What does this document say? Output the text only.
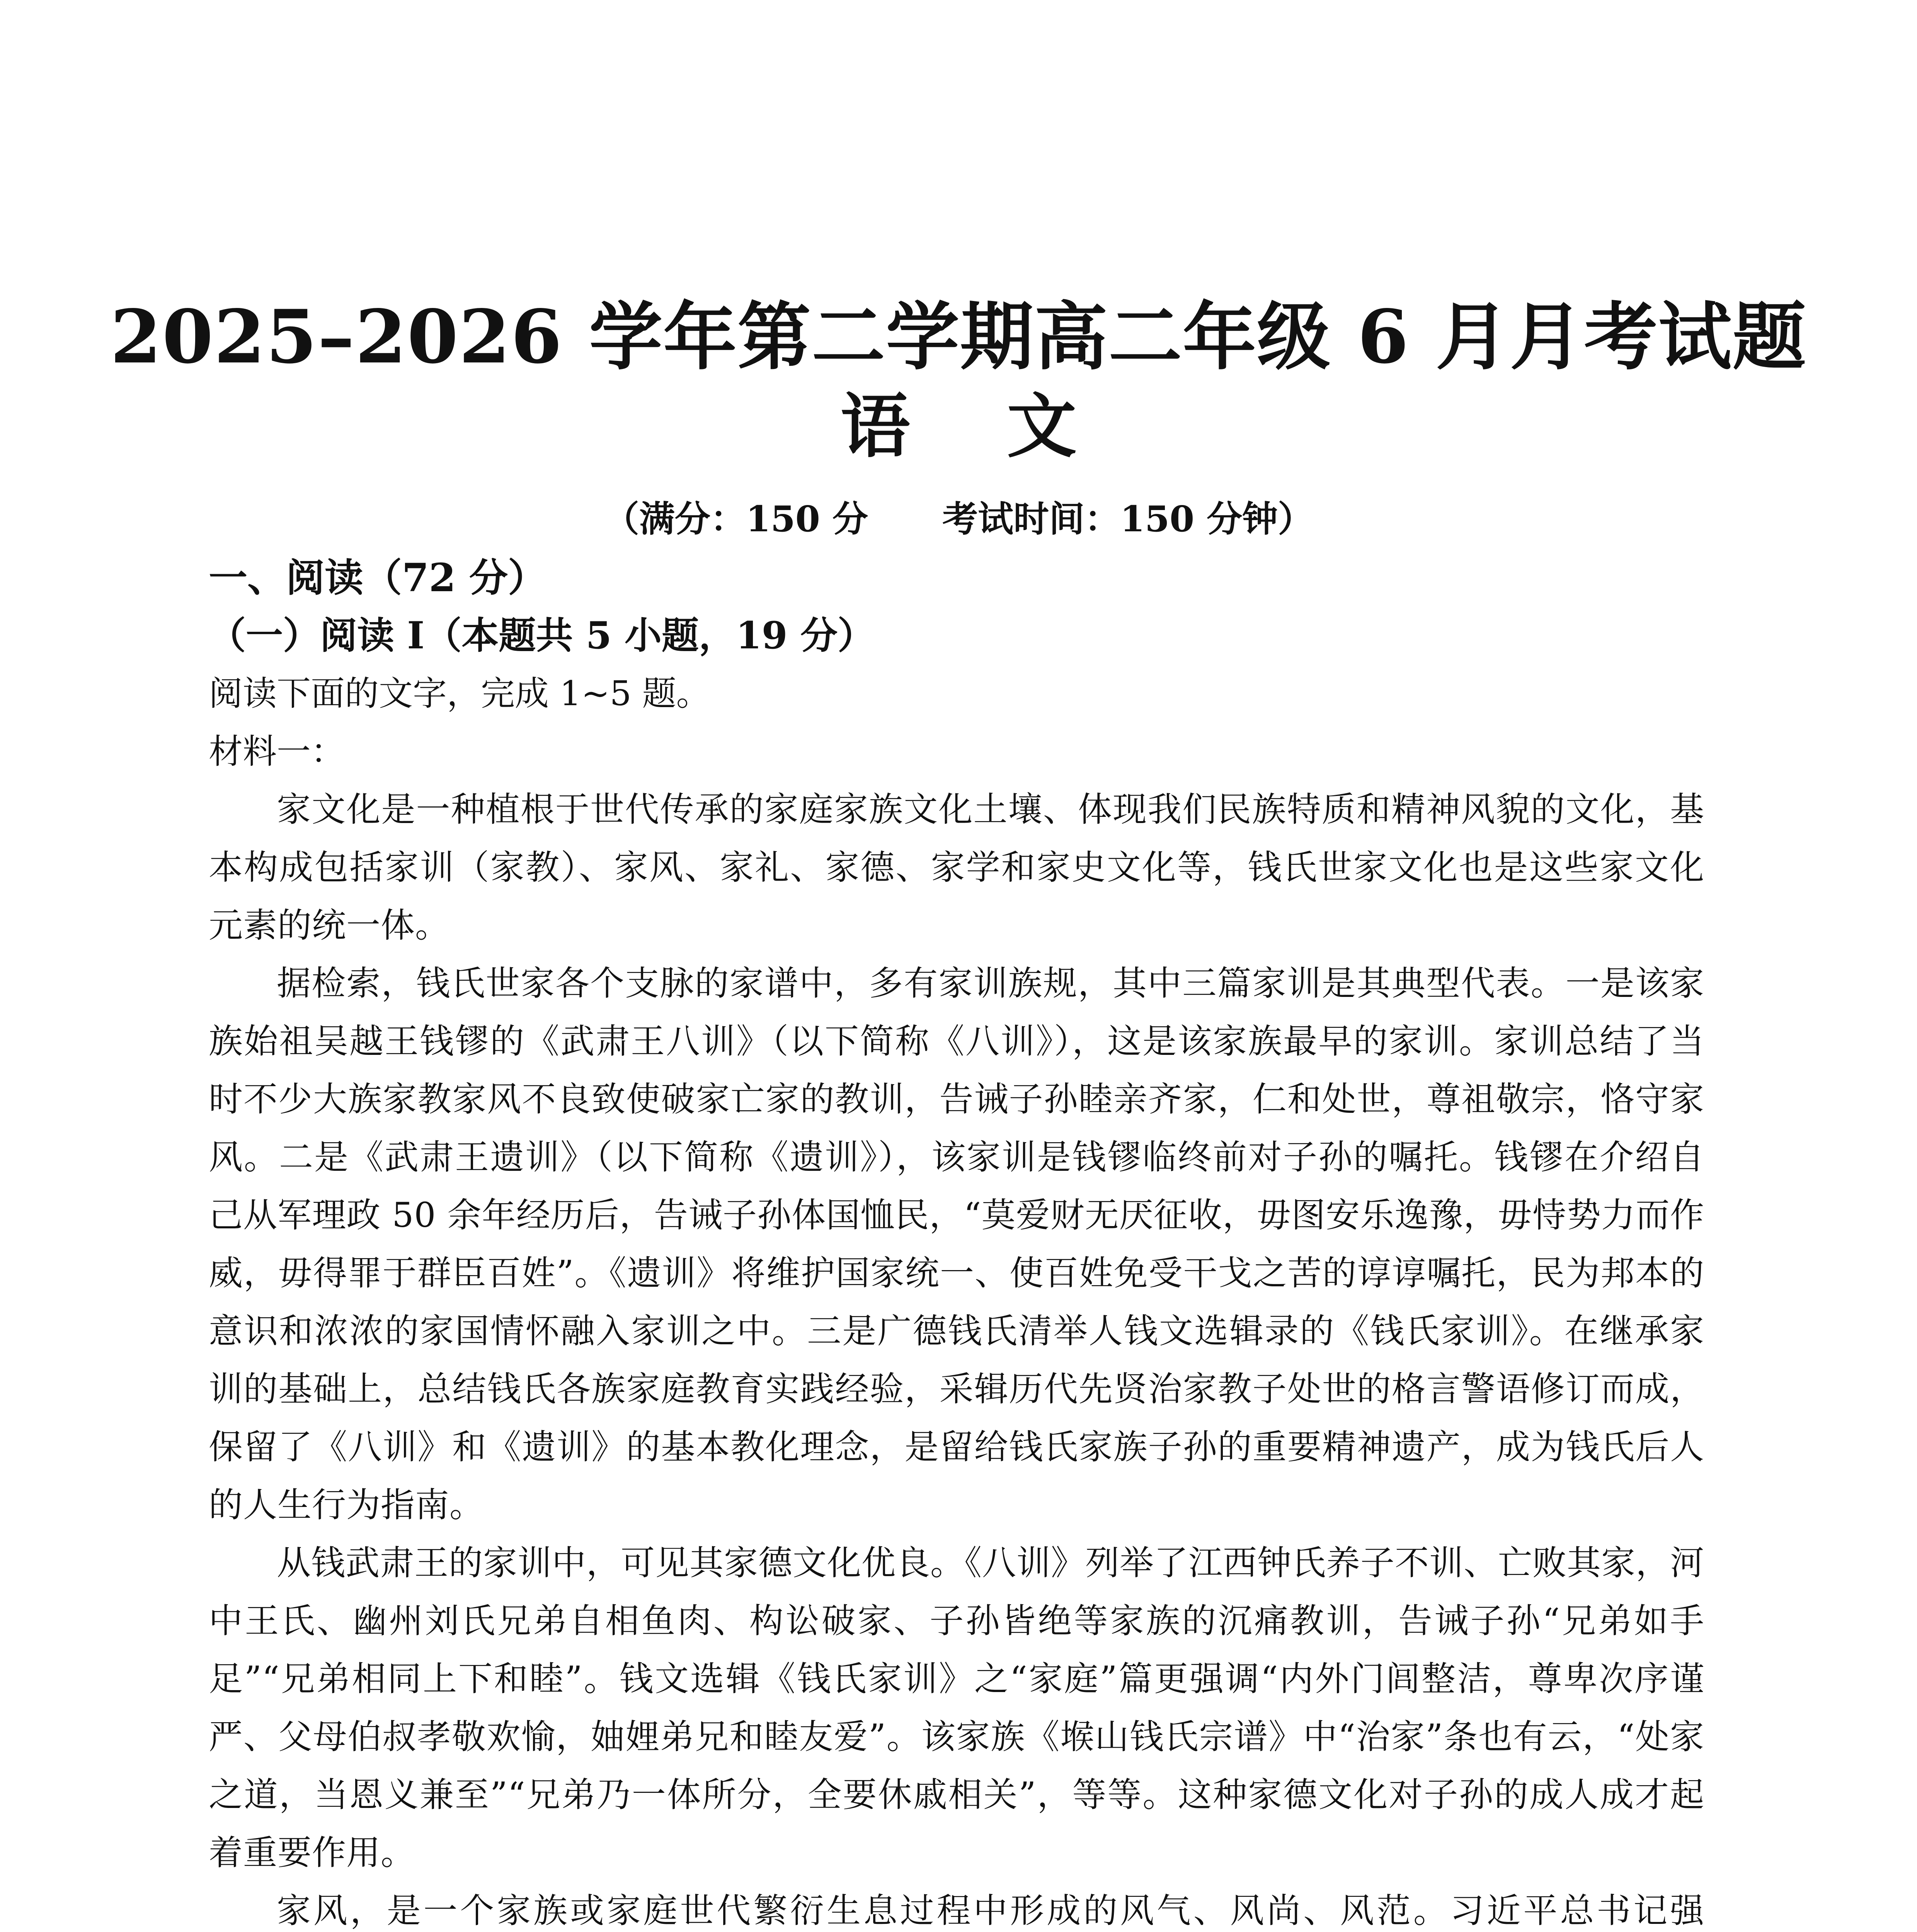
2025–2026 学年第二学期高二年级 6 月月考试题
语    文
（满分：150 分      考试时间：150 分钟）

一、阅读（72 分）

（一）阅读 I（本题共 5 小题，19 分）

阅读下面的文字，完成 1~5 题。

材料一：

家文化是一种植根于世代传承的家庭家族文化土壤、体现我们民族特质和精神风貌的文化，基本构成包括家训（家教）、家风、家礼、家德、家学和家史文化等，钱氏世家文化也是这些家文化元素的统一体。

据检索，钱氏世家各个支脉的家谱中，多有家训族规，其中三篇家训是其典型代表。一是该家族始祖吴越王钱镠的《武肃王八训》（以下简称《八训》），这是该家族最早的家训。家训总结了当时不少大族家教家风不良致使破家亡家的教训，告诫子孙睦亲齐家，仁和处世，尊祖敬宗，恪守家风。二是《武肃王遗训》（以下简称《遗训》），该家训是钱镠临终前对子孙的嘱托。钱镠在介绍自己从军理政 50 余年经历后，告诫子孙体国恤民，“莫爱财无厌征收，毋图安乐逸豫，毋恃势力而作威，毋得罪于群臣百姓”。《遗训》将维护国家统一、使百姓免受干戈之苦的谆谆嘱托，民为邦本的意识和浓浓的家国情怀融入家训之中。三是广德钱氏清举人钱文选辑录的《钱氏家训》。在继承家训的基础上，总结钱氏各族家庭教育实践经验，采辑历代先贤治家教子处世的格言警语修订而成，保留了《八训》和《遗训》的基本教化理念，是留给钱氏家族子孙的重要精神遗产，成为钱氏后人的人生行为指南。

从钱武肃王的家训中，可见其家德文化优良。《八训》列举了江西钟氏养子不训、亡败其家，河中王氏、幽州刘氏兄弟自相鱼肉、构讼破家、子孙皆绝等家族的沉痛教训，告诫子孙“兄弟如手足”“兄弟相同上下和睦”。钱文选辑《钱氏家训》之“家庭”篇更强调“内外门闾整洁，尊卑次序谨严、父母伯叔孝敬欢愉，妯娌弟兄和睦友爱”。该家族《堠山钱氏宗谱》中“治家”条也有云，“处家之道，当恩义兼至”“兄弟乃一体所分，全要休戚相关”，等等。这种家德文化对子孙的成人成才起着重要作用。

家风，是一个家族或家庭世代繁衍生息过程中形成的风气、风尚、风范。习近平总书记强
